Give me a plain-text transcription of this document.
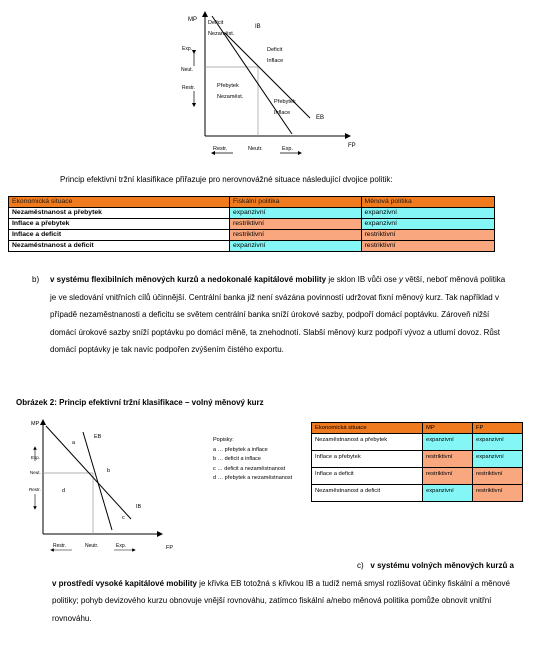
MP
FP
Exp.
Neut.
Restr.
IB
EB
Deficit
Nezaměst.
Deficit
Inflace
Přebytek
Nezaměst.
Přebytek
Inflace
Restr.	Neutr.	Exp.
Princip efektivní tržní klasifikace přiřazuje pro nerovnovážné situace následující dvojice politik:
Ekonomická situace	Fiskální politika	Měnová politika
Nezaměstnanost a přebytek	expanzivní	expanzivní
Inflace a přebytek	restriktivní	expanzivní
Inflace a deficit	restriktivní	restriktivní
Nezaměstnanost a deficit	expanzivní	restriktivní
b) v systému flexibilních měnových kurzů a nedokonalé kapitálové mobility je sklon IB vůči ose y větší, neboť měnová politika je ve sledování vnitřních cílů účinnější. Centrální banka již není svázána povinností udržovat fixní měnový kurz. Tak například v případě nezaměstnanosti a deficitu se světem centrální banka sníží úrokové sazby, podpoří domácí poptávku. Zároveň nižší domácí úrokové sazby sníží poptávku po domácí měně, ta znehodnotí. Slabší měnový kurz podpoří vývoz a utlumí dovoz. Růst domácí poptávky je tak navíc podpořen zvýšením čistého exportu.
Obrázek 2: Princip efektivní tržní klasifikace – volný měnový kurz
MP
FP
Exp.
Neut.
Restr.
EB
IB
a
b
c
d
Restr.	Neutr.	Exp.
Popisky:
a … přebytek a inflace
b … deficit a inflace
c … deficit a nezaměstnanost
d … přebytek a nezaměstnanost
Ekonomická situace	MP	FP
Nezaměstnanost a přebytek	expanzivní	expanzivní
Inflace a přebytek	restriktivní	expanzivní
Inflace a deficit	restriktivní	restriktivní
Nezaměstnanost a deficit	expanzivní	restriktivní
c) v systému volných měnových kurzů a
v prostředí vysoké kapitálové mobility je křivka EB totožná s křivkou IB a tudíž nemá smysl rozlišovat účinky fiskální a měnové politiky; pohyb devizového kurzu obnovuje vnější rovnováhu, zatímco fiskální a/nebo měnová politika pomůže obnovit vnitřní rovnováhu.
